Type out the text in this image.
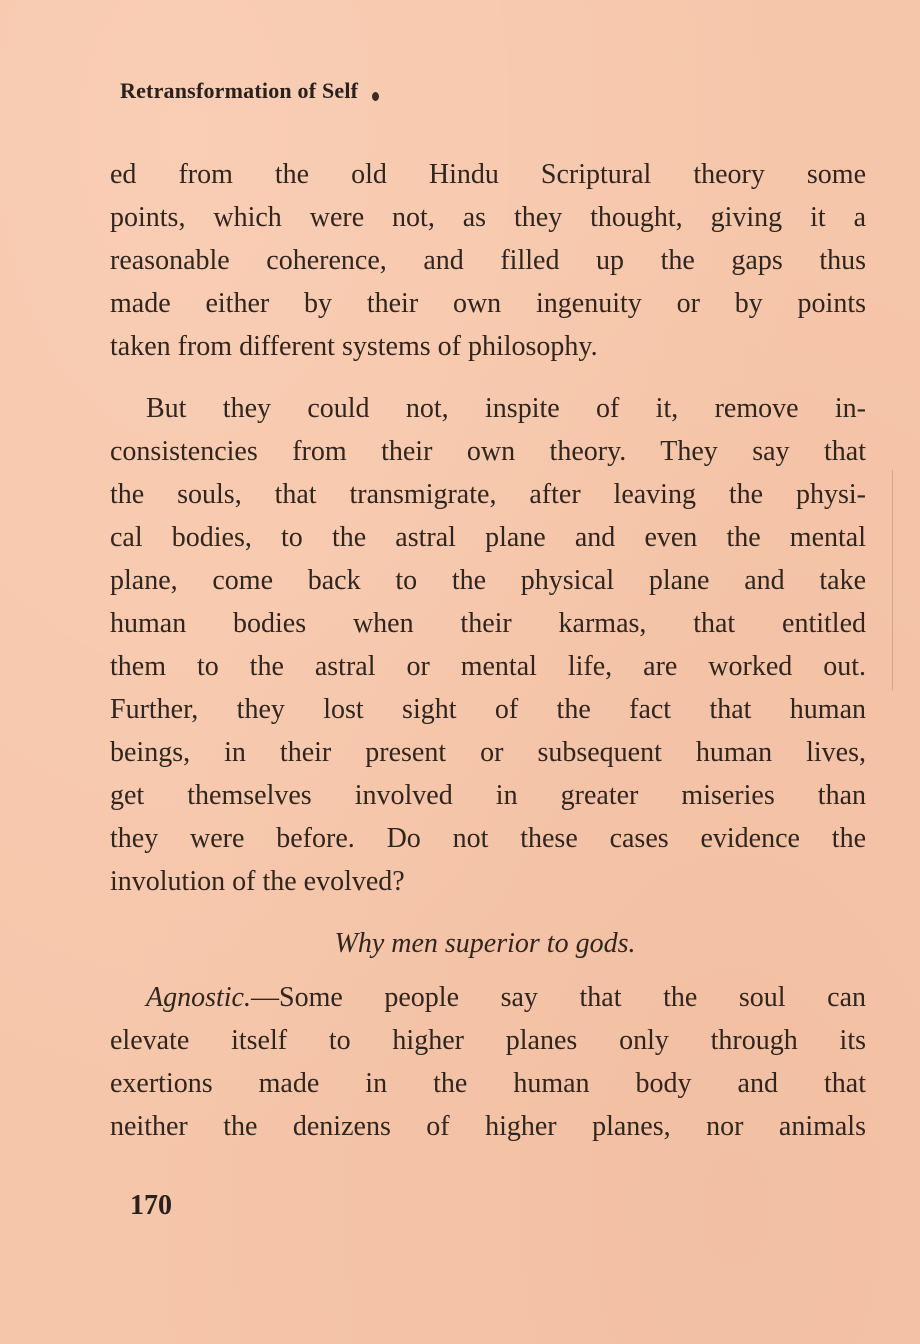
Retransformation of Self
ed from the old Hindu Scriptural theory some
points, which were not, as they thought, giving it a
reasonable coherence, and filled up the gaps thus
made either by their own ingenuity or by points
taken from different systems of philosophy.
But they could not, inspite of it, remove in-
consistencies from their own theory. They say that
the souls, that transmigrate, after leaving the physi-
cal bodies, to the astral plane and even the mental
plane, come back to the physical plane and take
human bodies when their karmas, that entitled
them to the astral or mental life, are worked out.
Further, they lost sight of the fact that human
beings, in their present or subsequent human lives,
get themselves involved in greater miseries than
they were before. Do not these cases evidence the
involution of the evolved?
Why men superior to gods.
Agnostic.—Some people say that the soul can
elevate itself to higher planes only through its
exertions made in the human body and that
neither the denizens of higher planes, nor animals
170
